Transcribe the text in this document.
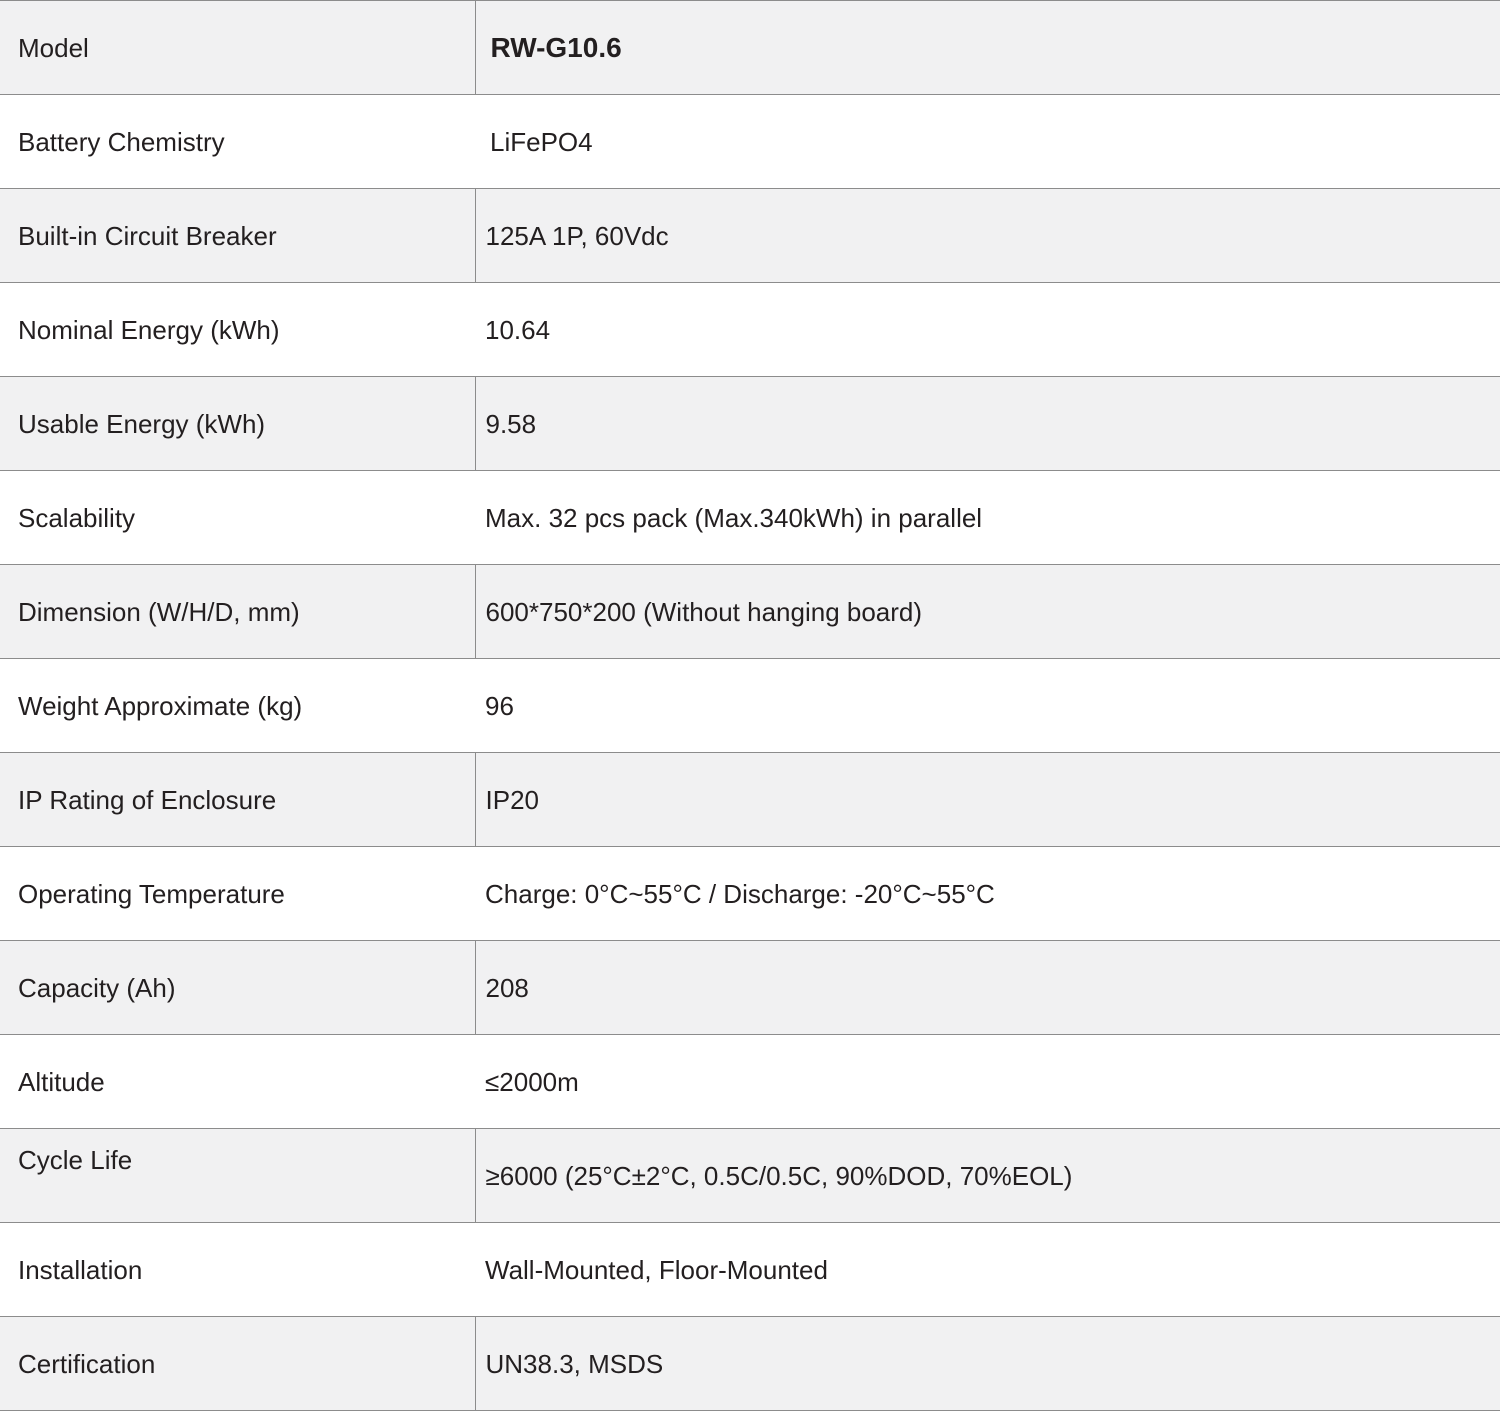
Model	RW-G10.6
Battery Chemistry	LiFePO4
Built-in Circuit Breaker	125A 1P, 60Vdc
Nominal Energy (kWh)	10.64
Usable Energy (kWh)	9.58
Scalability	Max. 32 pcs pack (Max.340kWh) in parallel
Dimension (W/H/D, mm)	600*750*200 (Without hanging board)
Weight Approximate (kg)	96
IP Rating of Enclosure	IP20
Operating Temperature	Charge: 0°C~55°C / Discharge: -20°C~55°C
Capacity (Ah)	208
Altitude	≤2000m
Cycle Life	≥6000 (25°C±2°C, 0.5C/0.5C, 90%DOD, 70%EOL)
Installation	Wall-Mounted, Floor-Mounted
Certification	UN38.3, MSDS
